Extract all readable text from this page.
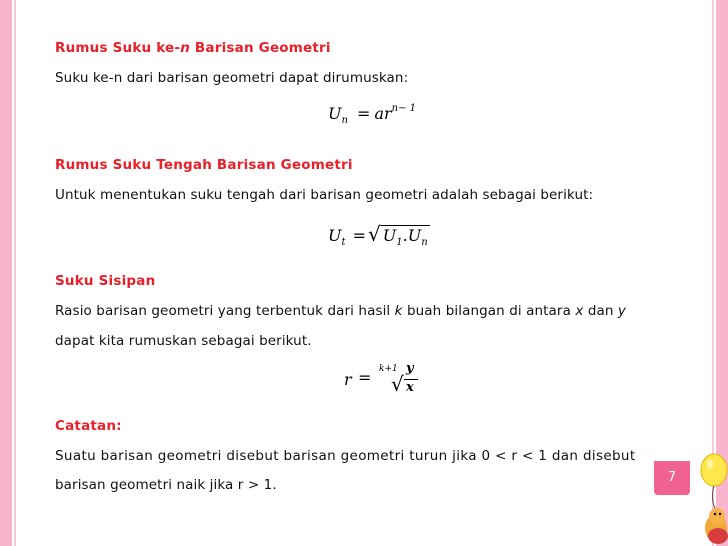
Rumus Suku ke-n Barisan Geometri
Suku ke-n dari barisan geometri dapat dirumuskan:
$U_n = ar^{n- 1}$
Rumus Suku Tengah Barisan Geometri
Untuk menentukan suku tengah dari barisan geometri adalah sebagai berikut:
$U_t$ = √ $U_1.U_n$
Suku Sisipan
Rasio barisan geometri yang terbentuk dari hasil k buah bilangan di antara x dan y
dapat kita rumuskan sebagai berikut.
r = k+1
√
y
x
Catatan:
Suatu barisan geometri disebut barisan geometri turun jika 0 < r < 1 dan disebut
barisan geometri naik jika r > 1.	7
